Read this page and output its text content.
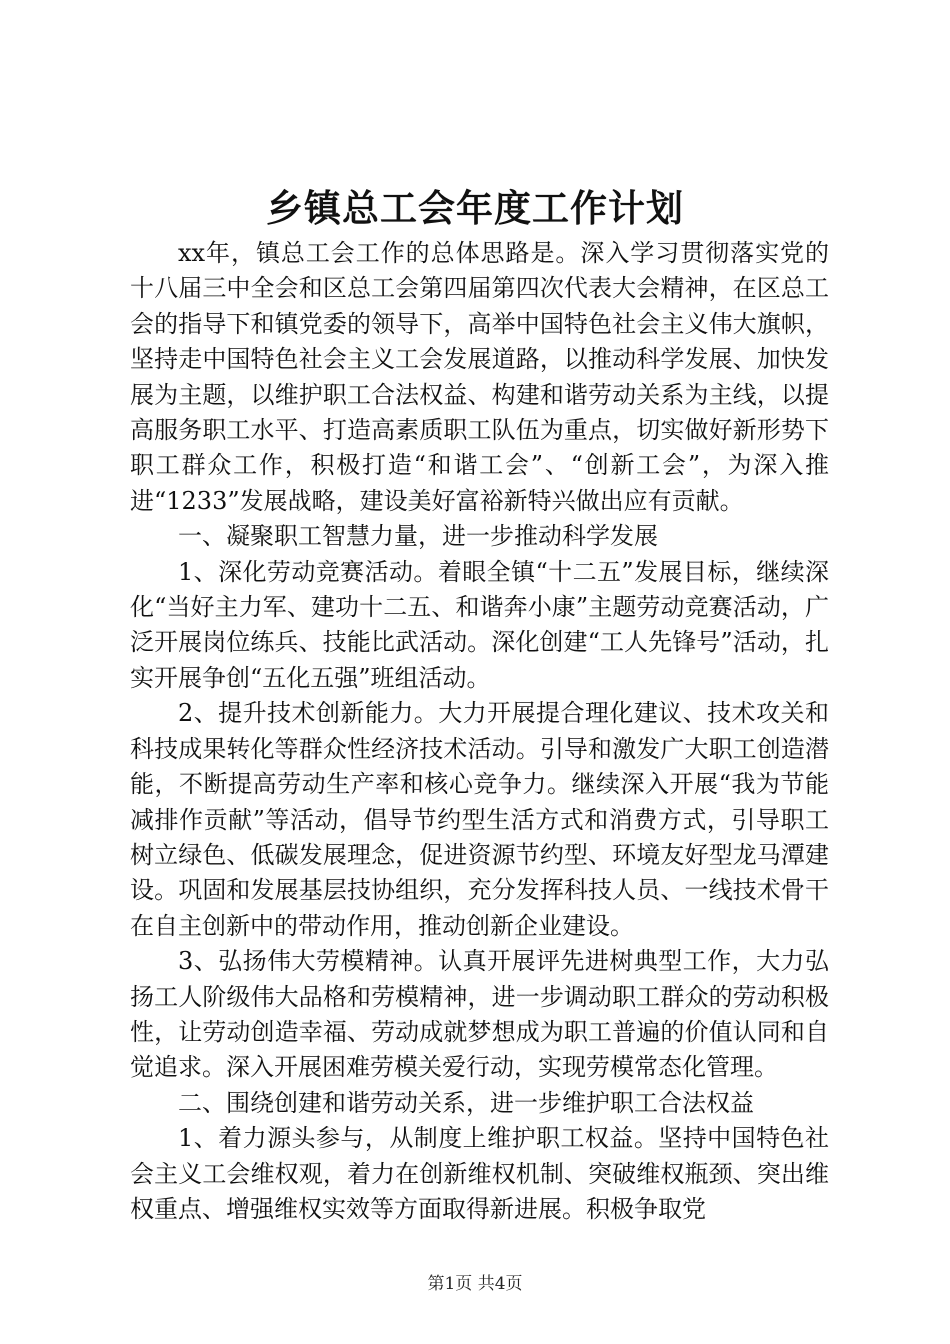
乡镇总工会年度工作计划

xx年，镇总工会工作的总体思路是。深入学习贯彻落实党的十八届三中全会和区总工会第四届第四次代表大会精神，在区总工会的指导下和镇党委的领导下，高举中国特色社会主义伟大旗帜，坚持走中国特色社会主义工会发展道路，以推动科学发展、加快发展为主题，以维护职工合法权益、构建和谐劳动关系为主线，以提高服务职工水平、打造高素质职工队伍为重点，切实做好新形势下职工群众工作，积极打造“和谐工会”、“创新工会”，为深入推进“1233”发展战略，建设美好富裕新特兴做出应有贡献。

一、凝聚职工智慧力量，进一步推动科学发展

1、深化劳动竞赛活动。着眼全镇“十二五”发展目标，继续深化“当好主力军、建功十二五、和谐奔小康”主题劳动竞赛活动，广泛开展岗位练兵、技能比武活动。深化创建“工人先锋号”活动，扎实开展争创“五化五强”班组活动。

2、提升技术创新能力。大力开展提合理化建议、技术攻关和科技成果转化等群众性经济技术活动。引导和激发广大职工创造潜能，不断提高劳动生产率和核心竞争力。继续深入开展“我为节能减排作贡献”等活动，倡导节约型生活方式和消费方式，引导职工树立绿色、低碳发展理念，促进资源节约型、环境友好型龙马潭建设。巩固和发展基层技协组织，充分发挥科技人员、一线技术骨干在自主创新中的带动作用，推动创新企业建设。

3、弘扬伟大劳模精神。认真开展评先进树典型工作，大力弘扬工人阶级伟大品格和劳模精神，进一步调动职工群众的劳动积极性，让劳动创造幸福、劳动成就梦想成为职工普遍的价值认同和自觉追求。深入开展困难劳模关爱行动，实现劳模常态化管理。

二、围绕创建和谐劳动关系，进一步维护职工合法权益

1、着力源头参与，从制度上维护职工权益。坚持中国特色社会主义工会维权观，着力在创新维权机制、突破维权瓶颈、突出维权重点、增强维权实效等方面取得新进展。积极争取党

第1页 共4页
